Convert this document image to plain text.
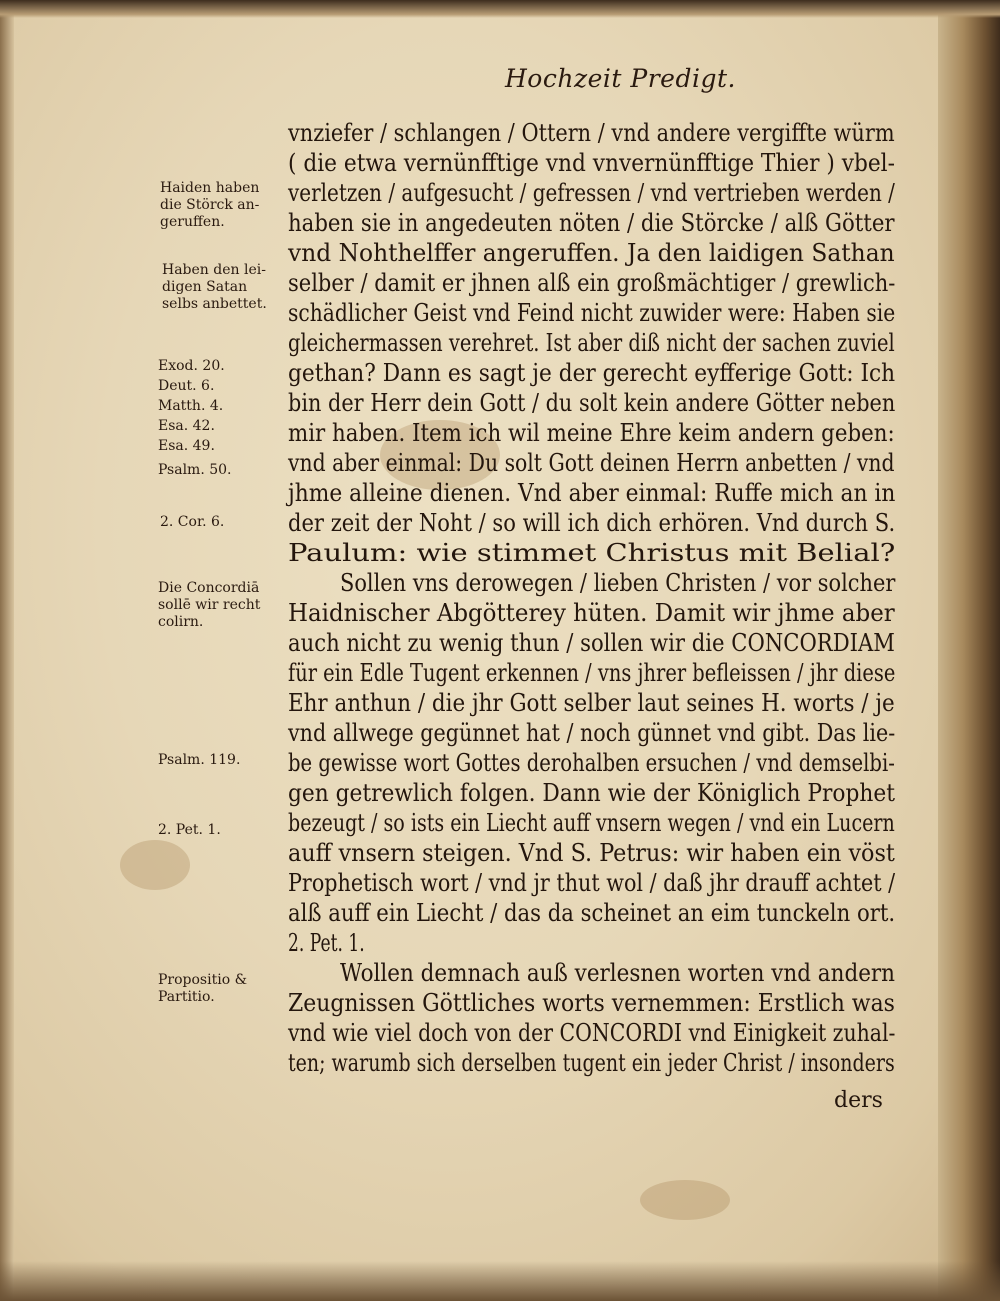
Hochzeit Predigt.
vnziefer / schlangen / Ottern / vnd andere vergiffte würm
( die etwa vernünfftige vnd vnvernünfftige Thier ) vbel-
verletzen / aufgesucht / gefressen / vnd vertrieben werden /
haben sie in angedeuten nöten / die Störcke / alß Götter
vnd Nohthelffer angeruffen. Ja den laidigen Sathan
selber / damit er jhnen alß ein großmächtiger / grewlich-
schädlicher Geist vnd Feind nicht zuwider were: Haben sie
gleichermassen verehret. Ist aber diß nicht der sachen zuviel
gethan? Dann es sagt je der gerecht eyfferige Gott: Ich
bin der Herr dein Gott / du solt kein andere Götter neben
mir haben. Item ich wil meine Ehre keim andern geben:
vnd aber einmal: Du solt Gott deinen Herrn anbetten / vnd
jhme alleine dienen. Vnd aber einmal: Ruffe mich an in
der zeit der Noht / so will ich dich erhören. Vnd durch S.
Paulum: wie stimmet Christus mit Belial?
Sollen vns derowegen / lieben Christen / vor solcher
Haidnischer Abgötterey hüten. Damit wir jhme aber
auch nicht zu wenig thun / sollen wir die CONCORDIAM
für ein Edle Tugent erkennen / vns jhrer befleissen / jhr diese
Ehr anthun / die jhr Gott selber laut seines H. worts / je
vnd allwege gegünnet hat / noch günnet vnd gibt. Das lie-
be gewisse wort Gottes derohalben ersuchen / vnd demselbi-
gen getrewlich folgen. Dann wie der Königlich Prophet
bezeugt / so ists ein Liecht auff vnsern wegen / vnd ein Lucern
auff vnsern steigen. Vnd S. Petrus: wir haben ein vöst
Prophetisch wort / vnd jr thut wol / daß jhr drauff achtet /
alß auff ein Liecht / das da scheinet an eim tunckeln ort.
2. Pet. 1.
Wollen demnach auß verlesnen worten vnd andern
Zeugnissen Göttliches worts vernemmen: Erstlich was
vnd wie viel doch von der CONCORDI vnd Einigkeit zuhal-
ten; warumb sich derselben tugent ein jeder Christ / insonders
Haiden haben
die Störck an-
geruffen.
Haben den lei-
digen Satan
selbs anbettet.
Exod. 20.
Deut. 6.
Matth. 4.
Esa. 42.
Esa. 49.
Psalm. 50.
2. Cor. 6.
Die Concordiā
sollē wir recht
colirn.
Psalm. 119.
2. Pet. 1.
Propositio &
Partitio.
ders
